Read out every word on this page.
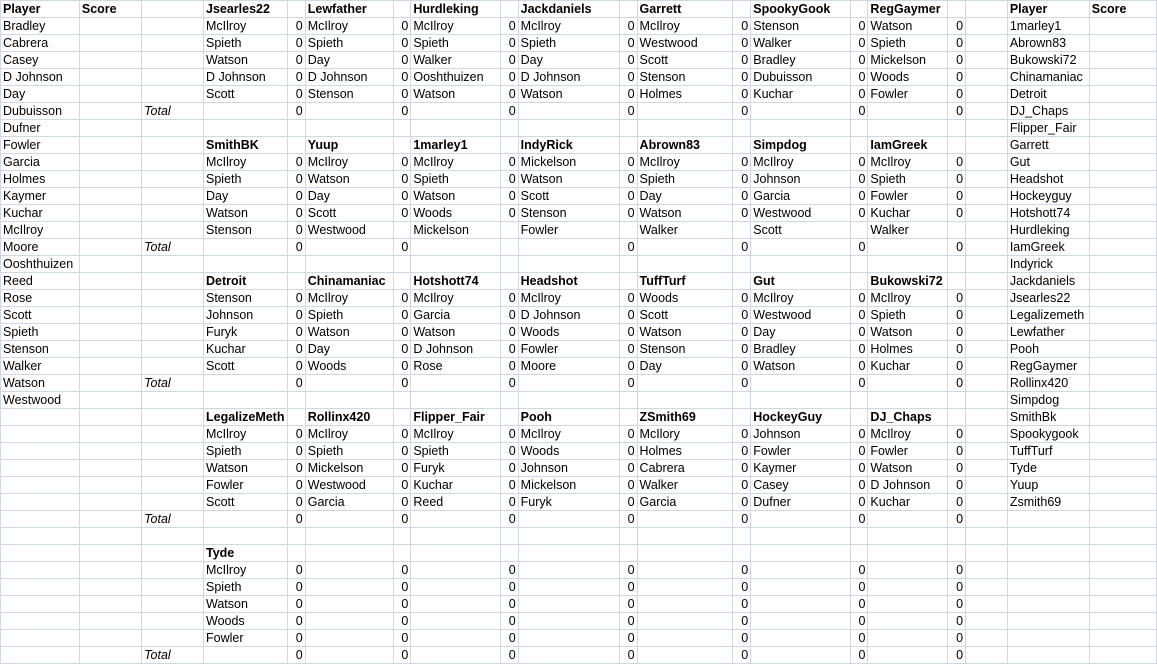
Player	Score		Jsearles22		Lewfather		Hurdleking		Jackdaniels		Garrett		SpookyGook		RegGaymer			Player	Score
Bradley			McIlroy	0	McIlroy	0	McIlroy	0	McIlroy	0	McIlroy	0	Stenson	0	Watson	0		1marley1	
Cabrera			Spieth	0	Spieth	0	Spieth	0	Spieth	0	Westwood	0	Walker	0	Spieth	0		Abrown83	
Casey			Watson	0	Day	0	Walker	0	Day	0	Scott	0	Bradley	0	Mickelson	0		Bukowski72	
D Johnson			D Johnson	0	D Johnson	0	Ooshthuizen	0	D Johnson	0	Stenson	0	Dubuisson	0	Woods	0		Chinamaniac	
Day			Scott	0	Stenson	0	Watson	0	Watson	0	Holmes	0	Kuchar	0	Fowler	0		Detroit	
Dubuisson		Total		0		0		0		0		0		0		0		DJ_Chaps	
Dufner																		Flipper_Fair	
Fowler			SmithBK		Yuup		1marley1		IndyRick		Abrown83		Simpdog		IamGreek			Garrett	
Garcia			McIlroy	0	McIlroy	0	McIlroy	0	Mickelson	0	McIlroy	0	McIlroy	0	McIlroy	0		Gut	
Holmes			Spieth	0	Watson	0	Spieth	0	Watson	0	Spieth	0	Johnson	0	Spieth	0		Headshot	
Kaymer			Day	0	Day	0	Watson	0	Scott	0	Day	0	Garcia	0	Fowler	0		Hockeyguy	
Kuchar			Watson	0	Scott	0	Woods	0	Stenson	0	Watson	0	Westwood	0	Kuchar	0		Hotshott74	
McIlroy			Stenson	0	Westwood		Mickelson		Fowler		Walker		Scott		Walker			Hurdleking	
Moore		Total		0		0				0		0		0		0		IamGreek	
Ooshthuizen																		Indyrick	
Reed			Detroit		Chinamaniac		Hotshott74		Headshot		TuffTurf		Gut		Bukowski72			Jackdaniels	
Rose			Stenson	0	McIlroy	0	McIlroy	0	McIlroy	0	Woods	0	McIlroy	0	McIlroy	0		Jsearles22	
Scott			Johnson	0	Spieth	0	Garcia	0	D Johnson	0	Scott	0	Westwood	0	Spieth	0		Legalizemeth	
Spieth			Furyk	0	Watson	0	Watson	0	Woods	0	Watson	0	Day	0	Watson	0		Lewfather	
Stenson			Kuchar	0	Day	0	D Johnson	0	Fowler	0	Stenson	0	Bradley	0	Holmes	0		Pooh	
Walker			Scott	0	Woods	0	Rose	0	Moore	0	Day	0	Watson	0	Kuchar	0		RegGaymer	
Watson		Total		0		0		0		0		0		0		0		Rollinx420	
Westwood																		Simpdog	
			LegalizeMeth		Rollinx420		Flipper_Fair		Pooh		ZSmith69		HockeyGuy		DJ_Chaps			SmithBk	
			McIlroy	0	McIlroy	0	McIlroy	0	McIlroy	0	McIlory	0	Johnson	0	McIlroy	0		Spookygook	
			Spieth	0	Spieth	0	Spieth	0	Woods	0	Holmes	0	Fowler	0	Fowler	0		TuffTurf	
			Watson	0	Mickelson	0	Furyk	0	Johnson	0	Cabrera	0	Kaymer	0	Watson	0		Tyde	
			Fowler	0	Westwood	0	Kuchar	0	Mickelson	0	Walker	0	Casey	0	D Johnson	0		Yuup	
			Scott	0	Garcia	0	Reed	0	Furyk	0	Garcia	0	Dufner	0	Kuchar	0		Zsmith69	
		Total		0		0		0		0		0		0		0			

			Tyde																
			McIlroy	0		0		0		0		0		0		0			
			Spieth	0		0		0		0		0		0		0			
			Watson	0		0		0		0		0		0		0			
			Woods	0		0		0		0		0		0		0			
			Fowler	0		0		0		0		0		0		0			
		Total		0		0		0		0		0		0		0			
